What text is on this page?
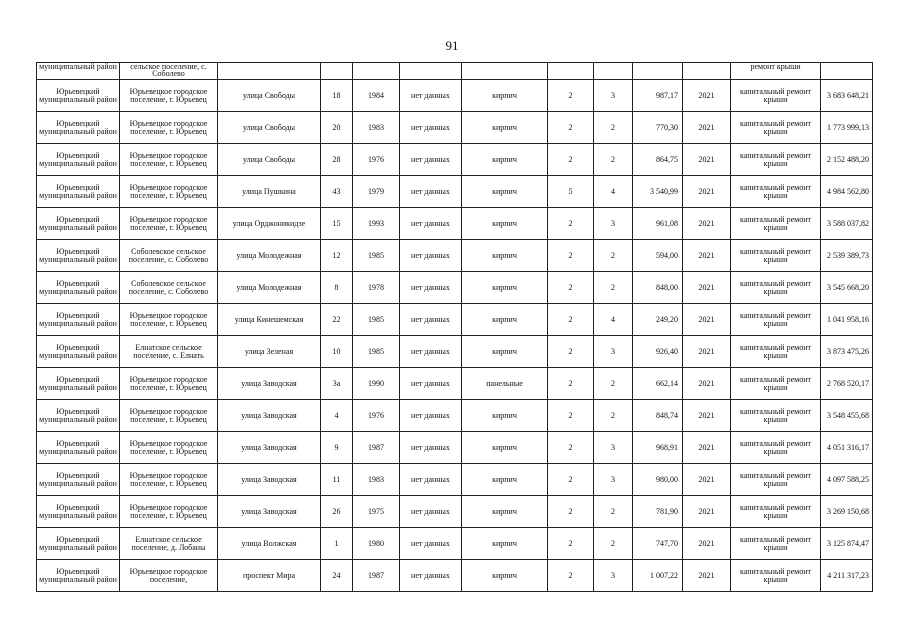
91
муниципальный район	сельское поселение, с. Соболево										ремонт крыши	
Юрьевецкий муниципальный район	Юрьевецкое городское поселение, г. Юрьевец	улица Свободы	18	1984	нет данных	кирпич	2	3	987,17	2021	капитальный ремонт крыши	3 683 648,21
Юрьевецкий муниципальный район	Юрьевецкое городское поселение, г. Юрьевец	улица Свободы	20	1983	нет данных	кирпич	2	2	770,30	2021	капитальный ремонт крыши	1 773 999,13
Юрьевецкий муниципальный район	Юрьевецкое городское поселение, г. Юрьевец	улица Свободы	28	1976	нет данных	кирпич	2	2	864,75	2021	капитальный ремонт крыши	2 152 488,20
Юрьевецкий муниципальный район	Юрьевецкое городское поселение, г. Юрьевец	улица Пушкина	43	1979	нет данных	кирпич	5	4	3 540,99	2021	капитальный ремонт крыши	4 984 562,80
Юрьевецкий муниципальный район	Юрьевецкое городское поселение, г. Юрьевец	улица Орджоникидзе	15	1993	нет данных	кирпич	2	3	961,08	2021	капитальный ремонт крыши	3 588 037,82
Юрьевецкий муниципальный район	Соболевское сельское поселение, с. Соболево	улица Молодежная	12	1985	нет данных	кирпич	2	2	594,00	2021	капитальный ремонт крыши	2 539 389,73
Юрьевецкий муниципальный район	Соболевское сельское поселение, с. Соболево	улица Молодежная	8	1978	нет данных	кирпич	2	2	848,00	2021	капитальный ремонт крыши	3 545 668,20
Юрьевецкий муниципальный район	Юрьевецкое городское поселение, г. Юрьевец	улица Кинешемская	22	1985	нет данных	кирпич	2	4	249,20	2021	капитальный ремонт крыши	1 041 958,16
Юрьевецкий муниципальный район	Елнатское сельское поселение, с. Елнать	улица Зеленая	10	1985	нет данных	кирпич	2	3	926,40	2021	капитальный ремонт крыши	3 873 475,26
Юрьевецкий муниципальный район	Юрьевецкое городское поселение, г. Юрьевец	улица Заводская	3а	1990	нет данных	панельные	2	2	662,14	2021	капитальный ремонт крыши	2 768 520,17
Юрьевецкий муниципальный район	Юрьевецкое городское поселение, г. Юрьевец	улица Заводская	4	1976	нет данных	кирпич	2	2	848,74	2021	капитальный ремонт крыши	3 548 455,68
Юрьевецкий муниципальный район	Юрьевецкое городское поселение, г. Юрьевец	улица Заводская	9	1987	нет данных	кирпич	2	3	968,91	2021	капитальный ремонт крыши	4 051 316,17
Юрьевецкий муниципальный район	Юрьевецкое городское поселение, г. Юрьевец	улица Заводская	11	1983	нет данных	кирпич	2	3	980,00	2021	капитальный ремонт крыши	4 097 588,25
Юрьевецкий муниципальный район	Юрьевецкое городское поселение, г. Юрьевец	улица Заводская	26	1975	нет данных	кирпич	2	2	781,90	2021	капитальный ремонт крыши	3 269 150,68
Юрьевецкий муниципальный район	Елнатское сельское поселение, д. Лобаны	улица Волжская	1	1980	нет данных	кирпич	2	2	747,70	2021	капитальный ремонт крыши	3 125 874,47
Юрьевецкий муниципальный район	Юрьевецкое городское поселение,	проспект Мира	24	1987	нет данных	кирпич	2	3	1 007,22	2021	капитальный ремонт крыши	4 211 317,23
